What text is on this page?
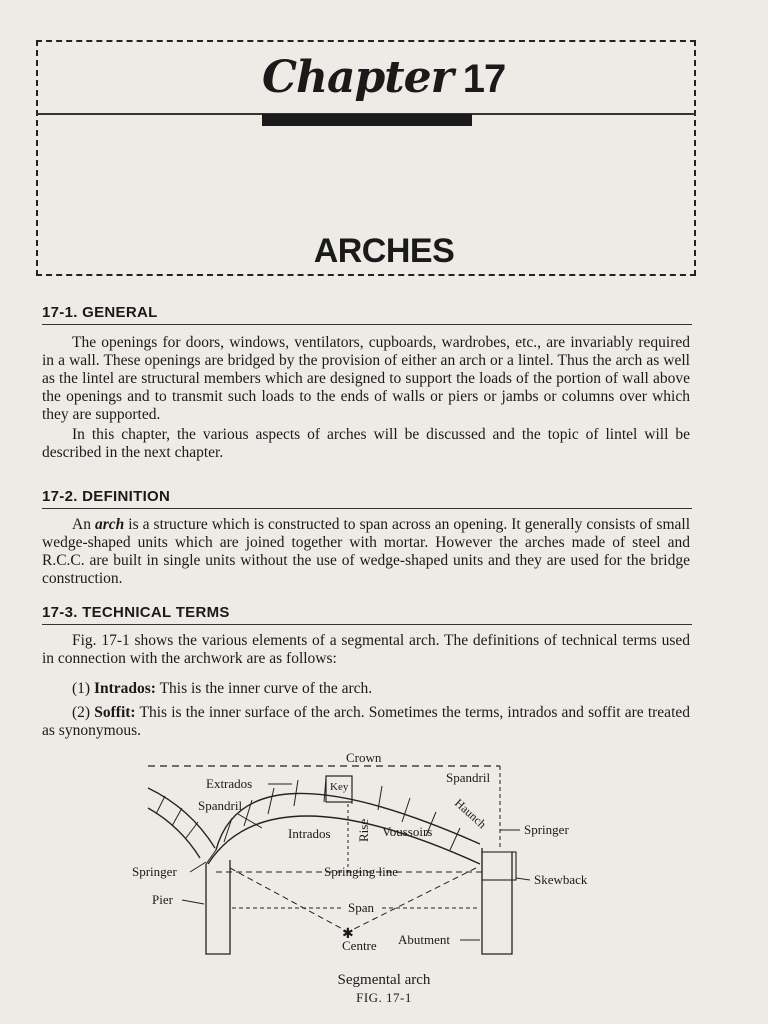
Chapter 17
ARCHES
17-1. GENERAL

The openings for doors, windows, ventilators, cupboards, wardrobes, etc., are invariably required in a wall. These openings are bridged by the provision of either an arch or a lintel. Thus the arch as well as the lintel are structural members which are designed to support the loads of the portion of wall above the openings and to transmit such loads to the ends of walls or piers or jambs or columns over which they are supported.

In this chapter, the various aspects of arches will be discussed and the topic of lintel will be described in the next chapter.

17-2. DEFINITION

An arch is a structure which is constructed to span across an opening. It generally consists of small wedge-shaped units which are joined together with mortar. However the arches made of steel and R.C.C. are built in single units without the use of wedge-shaped units and they are used for the bridge construction.

17-3. TECHNICAL TERMS

Fig. 17-1 shows the various elements of a segmental arch. The definitions of technical terms used in connection with the archwork are as follows:

(1) Intrados: This is the inner curve of the arch.
(2) Soffit: This is the inner surface of the arch. Sometimes the terms, intrados and soffit are treated as synonymous.
✱
Crown
Extrados	Key
Spandril
Spandril	Haunch
Intrados Rise Voussoirs	Springer
Springer	Springing line
Skewback
Pier
Span
Abutment
Centre
Segmental arch
FIG. 17-1
